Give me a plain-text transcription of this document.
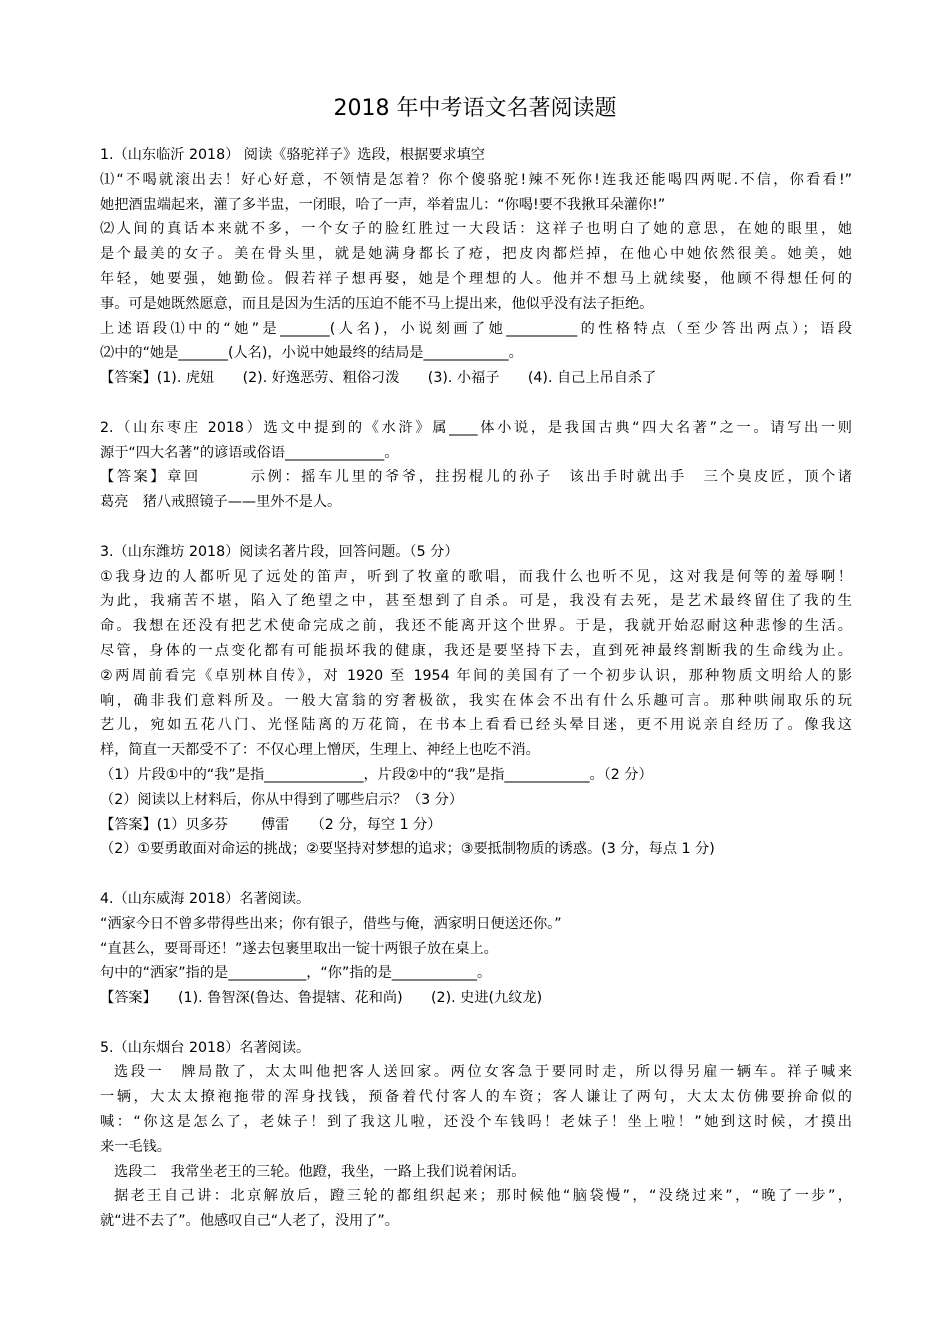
2018 年中考语文名著阅读题

1.（山东临沂 2018） 阅读《骆驼祥子》选段，根据要求填空

⑴“不喝就滚出去！好心好意，不领情是怎着？你个傻骆驼!辣不死你!连我还能喝四两呢.不信，你看看!”

她把酒盅端起来，灌了多半盅，一闭眼，哈了一声，举着盅儿：“你喝!要不我揪耳朵灌你!”

⑵人间的真话本来就不多，一个女子的脸红胜过一大段话：这祥子也明白了她的意思，在她的眼里，她

是个最美的女子。美在骨头里，就是她满身都长了疮，把皮肉都烂掉，在他心中她依然很美。她美，她

年轻，她要强，她勤俭。假若祥子想再娶，她是个理想的人。他并不想马上就续娶，他顾不得想任何的

事。可是她既然愿意，而且是因为生活的压迫不能不马上提出来，他似乎没有法子拒绝。

上述语段⑴中的“她”是_______(人名)，小说刻画了她__________的性格特点（至少答出两点）；语段

⑵中的“她是_______(人名)，小说中她最终的结局是____________。

【答案】(1). 虎妞　　(2). 好逸恶劳、粗俗刁泼　　(3). 小福子　　(4). 自己上吊自杀了

2.（山东枣庄 2018）选文中提到的《水浒》属____体小说，是我国古典“四大名著”之一。请写出一则

源于“四大名著”的谚语或俗语______________。

【答案】章回　　　示例：摇车儿里的爷爷，拄拐棍儿的孙子　该出手时就出手　三个臭皮匠，顶个诸

葛亮　猪八戒照镜子——里外不是人。

3.（山东潍坊 2018）阅读名著片段，回答问题。（5 分）

①我身边的人都听见了远处的笛声，听到了牧童的歌唱，而我什么也听不见，这对我是何等的羞辱啊！

为此，我痛苦不堪，陷入了绝望之中，甚至想到了自杀。可是，我没有去死，是艺术最终留住了我的生

命。我想在还没有把艺术使命完成之前，我还不能离开这个世界。于是，我就开始忍耐这种悲惨的生活。

尽管，身体的一点变化都有可能损坏我的健康，我还是要坚持下去，直到死神最终割断我的生命线为止。

②两周前看完《卓别林自传》，对 1920 至 1954 年间的美国有了一个初步认识，那种物质文明给人的影

响，确非我们意料所及。一般大富翁的穷奢极欲，我实在体会不出有什么乐趣可言。那种哄闹取乐的玩

艺儿，宛如五花八门、光怪陆离的万花筒，在书本上看看已经头晕目迷，更不用说亲自经历了。像我这

样，简直一天都受不了：不仅心理上憎厌，生理上、神经上也吃不消。

（1）片段①中的“我”是指______________，片段②中的“我”是指____________。（2 分）

（2）阅读以上材料后，你从中得到了哪些启示？（3 分）

【答案】(1）贝多芬　　 傅雷　　（2 分，每空 1 分）

（2）①要勇敢面对命运的挑战；②要坚持对梦想的追求；③要抵制物质的诱惑。(3 分，每点 1 分)

4.（山东威海 2018）名著阅读。

“洒家今日不曾多带得些出来；你有银子，借些与俺，洒家明日便送还你。”

“直甚么，要哥哥还！”遂去包裹里取出一锭十两银子放在桌上。

句中的“洒家”指的是___________，“你”指的是____________。

【答案】　　(1). 鲁智深(鲁达、鲁提辖、花和尚)　　(2). 史进(九纹龙)

5.（山东烟台 2018）名著阅读。

选段一　牌局散了，太太叫他把客人送回家。两位女客急于要同时走，所以得另雇一辆车。祥子喊来

一辆，大太太撩袍拖带的浑身找钱，预备着代付客人的车资；客人谦让了两句，大太太仿佛要拚命似的

喊：“你这是怎么了，老妹子！到了我这儿啦，还没个车钱吗！老妹子！坐上啦！”她到这时候，才摸出

来一毛钱。

选段二　我常坐老王的三轮。他蹬，我坐，一路上我们说着闲话。

据老王自己讲：北京解放后，蹬三轮的都组织起来；那时候他“脑袋慢”，“没绕过来”，“晚了一步”，

就“进不去了”。他感叹自己“人老了，没用了”。
